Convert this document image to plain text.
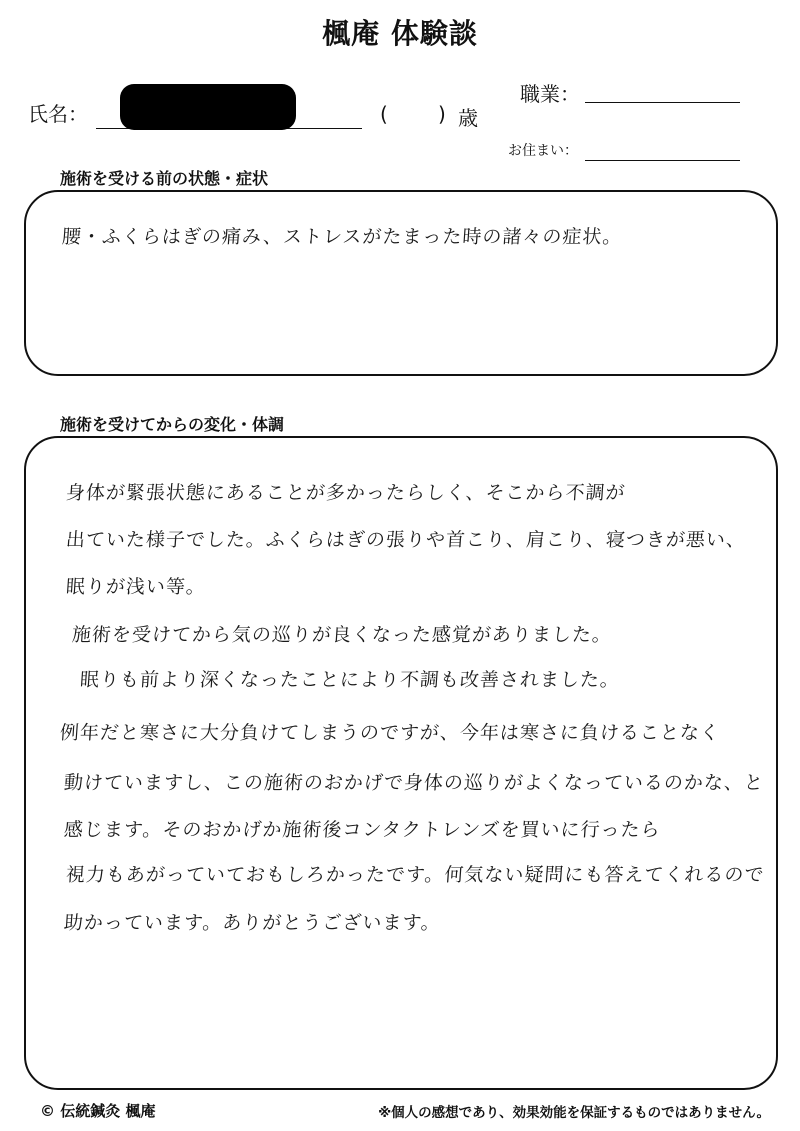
楓庵 体験談
氏名：	(	) 歳
職業：
お住まい：
施術を受ける前の状態・症状
腰・ふくらはぎの痛み、ストレスがたまった時の諸々の症状。
施術を受けてからの変化・体調
身体が緊張状態にあることが多かったらしく、そこから不調が
出ていた様子でした。ふくらはぎの張りや首こり、肩こり、寝つきが悪い、
眠りが浅い等。
施術を受けてから気の巡りが良くなった感覚がありました。
眠りも前より深くなったことにより不調も改善されました。
例年だと寒さに大分負けてしまうのですが、今年は寒さに負けることなく
動けていますし、この施術のおかげで身体の巡りがよくなっているのかな、と
感じます。そのおかげか施術後コンタクトレンズを買いに行ったら
視力もあがっていておもしろかったです。何気ない疑問にも答えてくれるので
助かっています。ありがとうございます。
© 伝統鍼灸 楓庵	※個人の感想であり、効果効能を保証するものではありません。
